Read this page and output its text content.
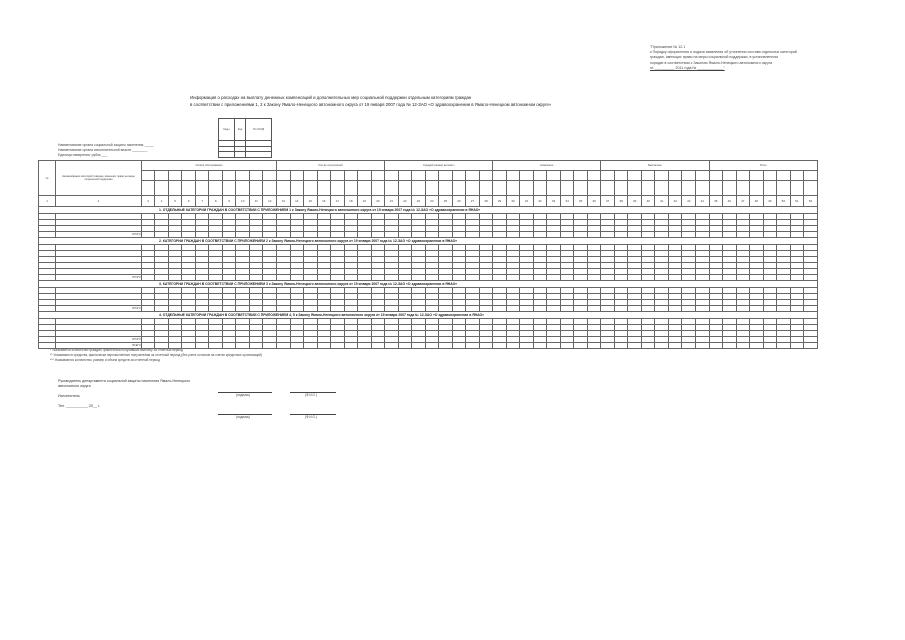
"Приложение № 12.1
к Порядку оформления и подачи заявления об уточнении состава отдельных категорий
граждан, имеющих право на меры социальной поддержки, в установленном
порядке в соответствии с Законом Ямало-Ненецкого автономного округа
от __________ 2011 года № _____________"
Информация о расходах на выплату денежных компенсаций и дополнительных мер социальной поддержки отдельным категориям граждан
в соответствии с приложениями 1, 2 к Закону Ямало-Ненецкого автономного округа от 19 января 2007 года № 12-ЗАО «О здравоохранении в Ямало-Ненецком автономном округе»
Коды	Код	По ОКУД

Наименование органа социальной защиты населения _____
Наименование органа исполнительной власти ________
Единица измерения: рубль ___
№	Наименование категорий граждан, имеющих право на меры социальной поддержки	Оплата обслуживания										Кол-во получателей								Средний размер выплаты								Назначено								Выплачено								Итого							

1	2	3	4	5	6	7	8	9	10	11	12	13	14	15	16	17	18	19	20	21	22	23	24	25	26	27	28	29	30	31	32	33	34	35	36	37	38	39	40	41	42	43	44	45	46	47	48	49	50	51	52
1. ОТДЕЛЬНЫЕ КАТЕГОРИИ ГРАЖДАН В СООТВЕТСТВИИ С ПРИЛОЖЕНИЕМ 1 к Закону Ямало-Ненецкого автономного округа от 19 января 2007 года № 12-ЗАО «О здравоохранении в ЯНАО»																																																			

	ИТОГО																																																		
2. КАТЕГОРИИ ГРАЖДАН В СООТВЕТСТВИИ С ПРИЛОЖЕНИЕМ 2 к Закону Ямало-Ненецкого автономного округа от 19 января 2007 года № 12-ЗАО «О здравоохранении в ЯНАО»																																																			

	ИТОГО																																																		
3. КАТЕГОРИИ ГРАЖДАН В СООТВЕТСТВИИ С ПРИЛОЖЕНИЕМ 3 к Закону Ямало-Ненецкого автономного округа от 19 января 2007 года № 12-ЗАО «О здравоохранении в ЯНАО»																																																			

	ИТОГО																																																		
4. ОТДЕЛЬНЫЕ КАТЕГОРИИ ГРАЖДАН В СООТВЕТСТВИИ С ПРИЛОЖЕНИЕМ 4, 5 к Закону Ямало-Ненецкого автономного округа от 19 января 2007 года № 12-ЗАО «О здравоохранении в ЯНАО»																																																			

	ИТОГО																																																		
	ВСЕГО																																																		
* Указывается количество граждан, фактически получивших выплату за отчетный период
** Указываются средства, фактически перечисленные получателям за отчетный период (без учета остатков на счетах кредитных организаций)
*** Указываются количество, размер и объем средств за отчетный период
Руководитель департамента социальной защиты населения Ямало-Ненецкого
автономного округа

Исполнитель

Тел. ___________ 20__ г.
(подпись)	(Ф.И.О.)
(подпись)	(Ф.И.О.)
